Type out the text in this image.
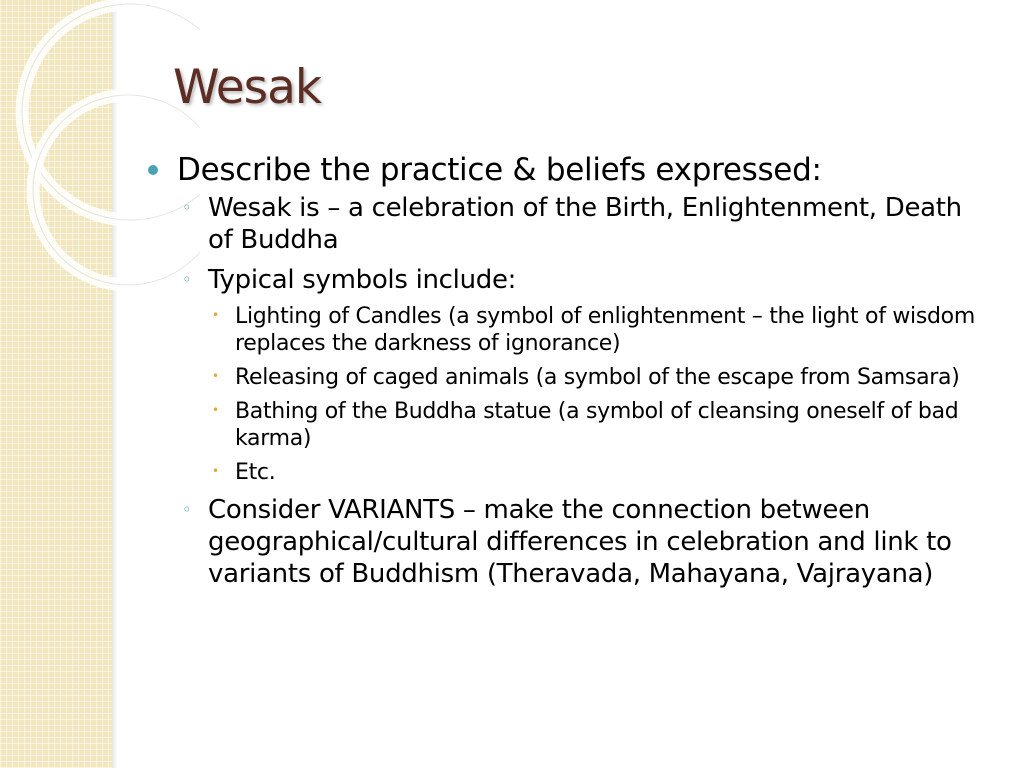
Wesak
Describe the practice & beliefs expressed:
◦ Wesak is – a celebration of the Birth, Enlightenment, Death of Buddha
◦ Typical symbols include:
• Lighting of Candles (a symbol of enlightenment – the light of wisdom replaces the darkness of ignorance)
• Releasing of caged animals (a symbol of the escape from Samsara)
• Bathing of the Buddha statue (a symbol of cleansing oneself of bad karma)
• Etc.
◦ Consider VARIANTS – make the connection between geographical/cultural differences in celebration and link to variants of Buddhism (Theravada, Mahayana, Vajrayana)
